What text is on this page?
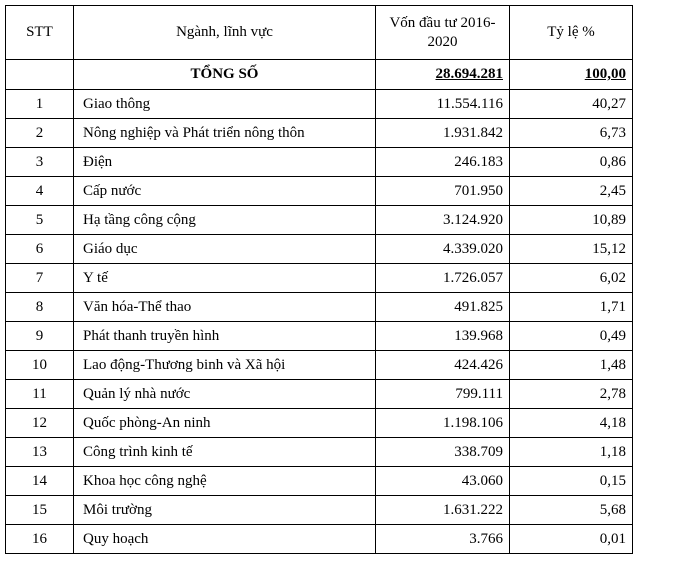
STT	Ngành, lĩnh vực	Vốn đầu tư 2016-2020	Tỷ lệ %
	TỔNG SỐ	28.694.281	100,00
1	Giao thông	11.554.116	40,27
2	Nông nghiệp và Phát triển nông thôn	1.931.842	6,73
3	Điện	246.183	0,86
4	Cấp nước	701.950	2,45
5	Hạ tầng công cộng	3.124.920	10,89
6	Giáo dục	4.339.020	15,12
7	Y tế	1.726.057	6,02
8	Văn hóa-Thể thao	491.825	1,71
9	Phát thanh truyền hình	139.968	0,49
10	Lao động-Thương binh và Xã hội	424.426	1,48
11	Quản lý nhà nước	799.111	2,78
12	Quốc phòng-An ninh	1.198.106	4,18
13	Công trình kinh tế	338.709	1,18
14	Khoa học công nghệ	43.060	0,15
15	Môi trường	1.631.222	5,68
16	Quy hoạch	3.766	0,01
